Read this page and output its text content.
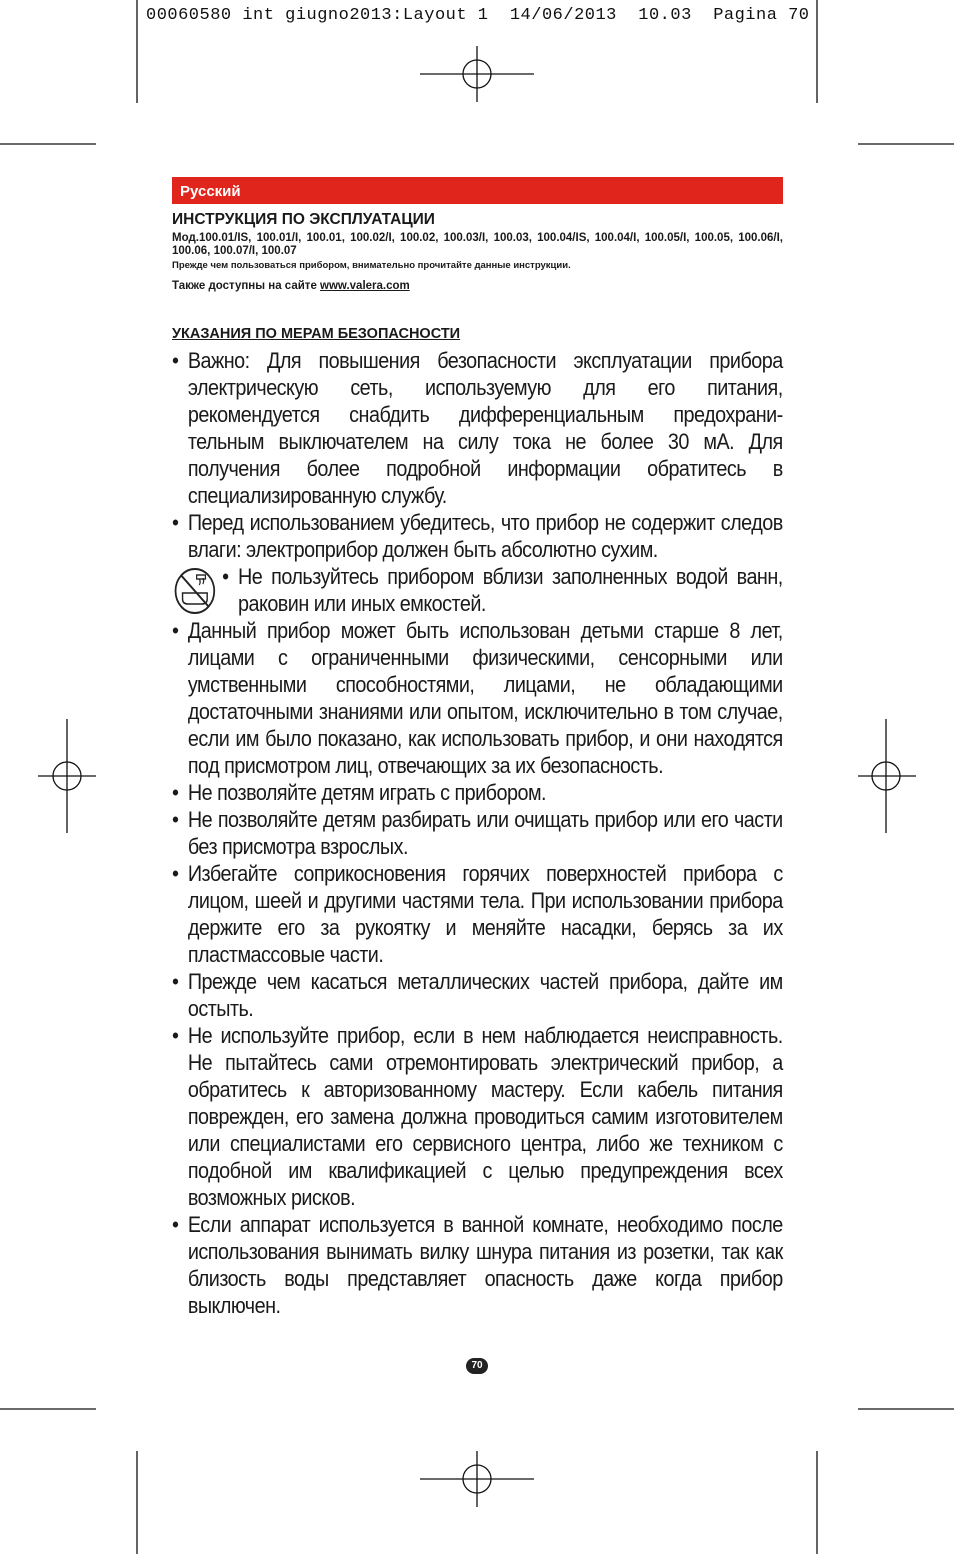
00060580 int giugno2013:Layout 1  14/06/2013  10.03  Pagina 70
Русский

ИНСТРУКЦИЯ ПО ЭКСПЛУАТАЦИИ

Мод.100.01/IS, 100.01/I, 100.01, 100.02/I, 100.02, 100.03/I, 100.03, 100.04/IS, 100.04/I, 100.05/I, 100.05, 100.06/I, 100.06, 100.07/I, 100.07

Прежде чем пользоваться прибором, внимательно прочитайте данные инструкции.

Также доступны на сайте www.valera.com

УКАЗАНИЯ ПО МЕРАМ БЕЗОПАСНОСТИ

• Важно: Для повышения безопасности эксплуатации прибора электрическую сеть, используемую для его питания, рекомендуется снабдить дифференциальным предохрани-тельным выключателем на силу тока не более 30 мА. Для получения более подробной информации обратитесь в специализированную службу.
• Перед использованием убедитесь, что прибор не содержит следов влаги: электроприбор должен быть абсолютно сухим.
• Не пользуйтесь прибором вблизи заполненных водой ванн, раковин или иных емкостей.
• Данный прибор может быть использован детьми старше 8 лет, лицами с ограниченными физическими, сенсорными или умственными способностями, лицами, не обладающими достаточными знаниями или опытом, исключительно в том случае, если им было показано, как использовать прибор, и они находятся под присмотром лиц, отвечающих за их безопасность.
• Не позволяйте детям играть с прибором.
• Не позволяйте детям разбирать или очищать прибор или его части без присмотра взрослых.
• Избегайте соприкосновения горячих поверхностей прибора с лицом, шеей и другими частями тела. При использовании прибора держите его за рукоятку и меняйте насадки, берясь за их пластмассовые части.
• Прежде чем касаться металлических частей прибора, дайте им остыть.
• Не используйте прибор, если в нем наблюдается неисправность. Не пытайтесь сами отремонтировать электрический прибор, а обратитесь к авторизованному мастеру. Если кабель питания поврежден, его замена должна проводиться самим изготовителем или специалистами его сервисного центра, либо же техником с подобной им квалификацией с целью предупреждения всех возможных рисков.
• Если аппарат используется в ванной комнате, необходимо после использования вынимать вилку шнура питания из розетки, так как близость воды представляет опасность даже когда прибор выключен.
70
